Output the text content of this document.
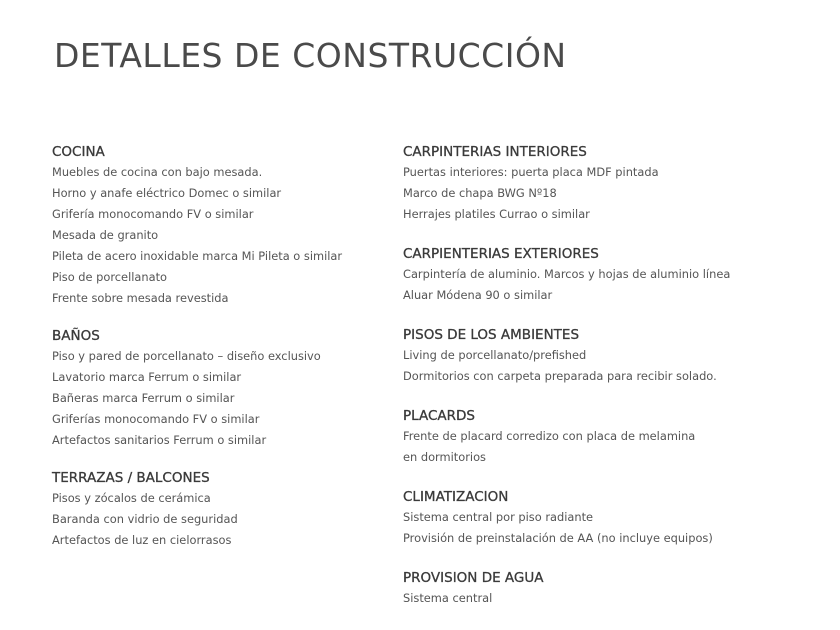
DETALLES DE CONSTRUCCIÓN
COCINA
Muebles de cocina con bajo mesada.
Horno y anafe eléctrico Domec o similar
Grifería monocomando FV o similar
Mesada de granito
Pileta de acero inoxidable marca Mi Pileta o similar
Piso de porcellanato
Frente sobre mesada revestida
BAÑOS
Piso y pared de porcellanato – diseño exclusivo
Lavatorio marca Ferrum o similar
Bañeras marca Ferrum o similar
Griferías monocomando FV o similar
Artefactos sanitarios Ferrum o similar
TERRAZAS / BALCONES
Pisos y zócalos de cerámica
Baranda con vidrio de seguridad
Artefactos de luz en cielorrasos
CARPINTERIAS INTERIORES
Puertas interiores: puerta placa MDF pintada
Marco de chapa BWG Nº18
Herrajes platiles Currao o similar
CARPIENTERIAS EXTERIORES
Carpintería de aluminio. Marcos y hojas de aluminio línea
Aluar Módena 90 o similar
PISOS DE LOS AMBIENTES
Living de porcellanato/prefished
Dormitorios con carpeta preparada para recibir solado.
PLACARDS
Frente de placard corredizo con placa de melamina
en dormitorios
CLIMATIZACION
Sistema central por piso radiante
Provisión de preinstalación de AA (no incluye equipos)
PROVISION DE AGUA
Sistema central
